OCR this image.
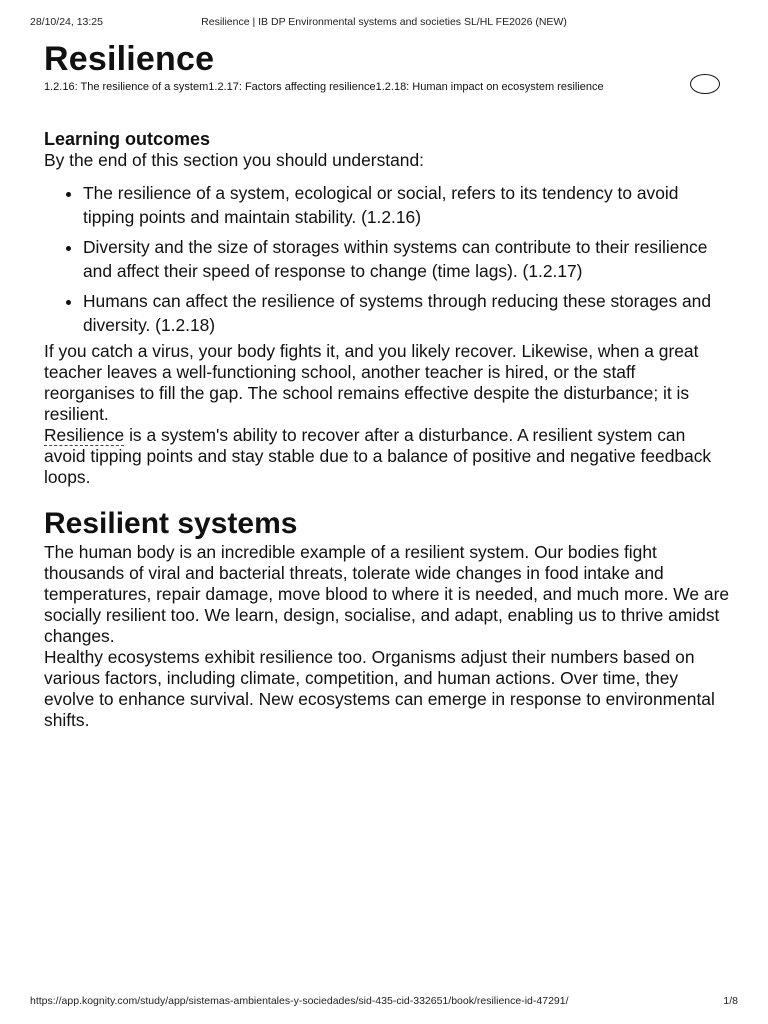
28/10/24, 13:25	Resilience | IB DP Environmental systems and societies SL/HL FE2026 (NEW)
Resilience
1.2.16: The resilience of a system1.2.17: Factors affecting resilience1.2.18: Human impact on ecosystem resilience
Learning outcomes

By the end of this section you should understand:

• The resilience of a system, ecological or social, refers to its tendency to avoid tipping points and maintain stability. (1.2.16)
• Diversity and the size of storages within systems can contribute to their resilience and affect their speed of response to change (time lags). (1.2.17)
• Humans can affect the resilience of systems through reducing these storages and diversity. (1.2.18)

If you catch a virus, your body fights it, and you likely recover. Likewise, when a great teacher leaves a well-functioning school, another teacher is hired, or the staff reorganises to fill the gap. The school remains effective despite the disturbance; it is resilient.

Resilience is a system's ability to recover after a disturbance. A resilient system can avoid tipping points and stay stable due to a balance of positive and negative feedback loops.

Resilient systems

The human body is an incredible example of a resilient system. Our bodies fight thousands of viral and bacterial threats, tolerate wide changes in food intake and temperatures, repair damage, move blood to where it is needed, and much more. We are socially resilient too. We learn, design, socialise, and adapt, enabling us to thrive amidst changes.

Healthy ecosystems exhibit resilience too. Organisms adjust their numbers based on various factors, including climate, competition, and human actions. Over time, they evolve to enhance survival. New ecosystems can emerge in response to environmental shifts.

https://app.kognity.com/study/app/sistemas-ambientales-y-sociedades/sid-435-cid-332651/book/resilience-id-47291/	1/8
